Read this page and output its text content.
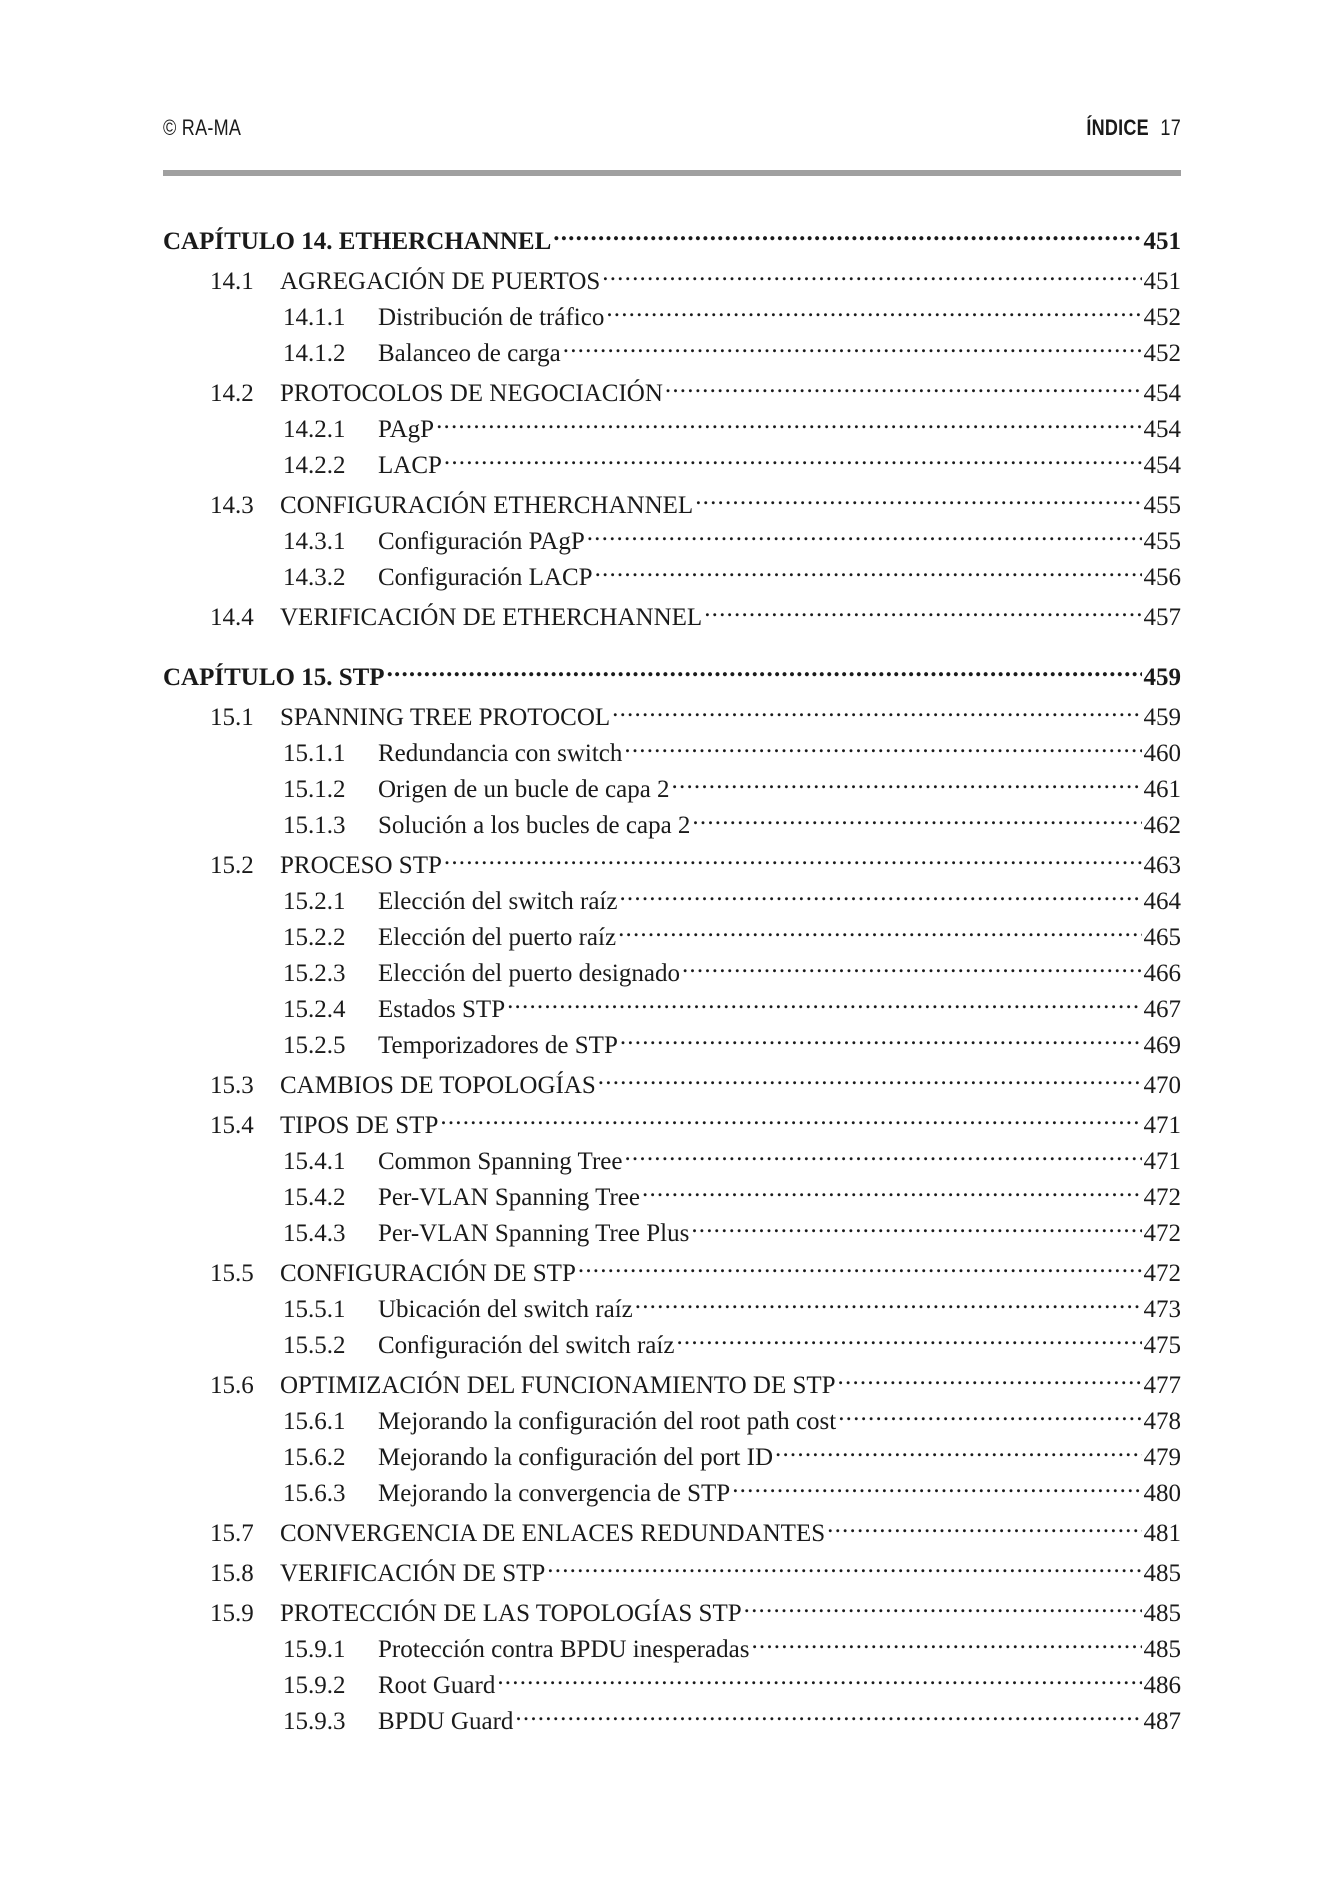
© RA-MA	ÍNDICE 17
CAPÍTULO 14. ETHERCHANNEL .....	451
14.1	AGREGACIÓN DE PUERTOS .....	451
14.1.1	Distribución de tráfico .....	452
14.1.2	Balanceo de carga .....	452
14.2	PROTOCOLOS DE NEGOCIACIÓN .....	454
14.2.1	PAgP .....	454
14.2.2	LACP .....	454
14.3	CONFIGURACIÓN ETHERCHANNEL .....	455
14.3.1	Configuración PAgP .....	455
14.3.2	Configuración LACP .....	456
14.4	VERIFICACIÓN DE ETHERCHANNEL .....	457
CAPÍTULO 15. STP .....	459
15.1	SPANNING TREE PROTOCOL .....	459
15.1.1	Redundancia con switch .....	460
15.1.2	Origen de un bucle de capa 2 .....	461
15.1.3	Solución a los bucles de capa 2 .....	462
15.2	PROCESO STP .....	463
15.2.1	Elección del switch raíz .....	464
15.2.2	Elección del puerto raíz .....	465
15.2.3	Elección del puerto designado .....	466
15.2.4	Estados STP .....	467
15.2.5	Temporizadores de STP .....	469
15.3	CAMBIOS DE TOPOLOGÍAS .....	470
15.4	TIPOS DE STP .....	471
15.4.1	Common Spanning Tree .....	471
15.4.2	Per-VLAN Spanning Tree .....	472
15.4.3	Per-VLAN Spanning Tree Plus .....	472
15.5	CONFIGURACIÓN DE STP .....	472
15.5.1	Ubicación del switch raíz .....	473
15.5.2	Configuración del switch raíz .....	475
15.6	OPTIMIZACIÓN DEL FUNCIONAMIENTO DE STP .....	477
15.6.1	Mejorando la configuración del root path cost .....	478
15.6.2	Mejorando la configuración del port ID .....	479
15.6.3	Mejorando la convergencia de STP .....	480
15.7	CONVERGENCIA DE ENLACES REDUNDANTES .....	481
15.8	VERIFICACIÓN DE STP .....	485
15.9	PROTECCIÓN DE LAS TOPOLOGÍAS STP .....	485
15.9.1	Protección contra BPDU inesperadas .....	485
15.9.2	Root Guard .....	486
15.9.3	BPDU Guard .....	487
